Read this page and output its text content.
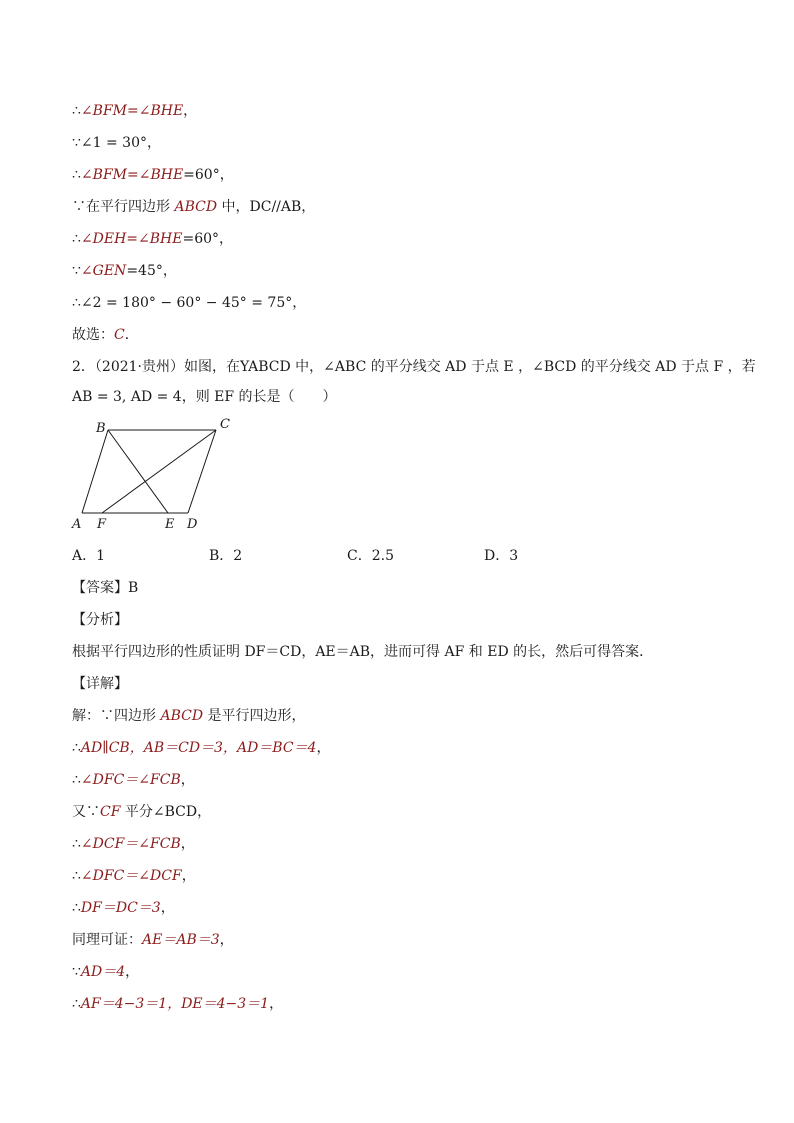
∴∠BFM=∠BHE，
∵∠1 = 30°，
∴∠BFM=∠BHE=60°，
∵在平行四边形 ABCD 中，DC//AB，
∴∠DEH=∠BHE=60°，
∵∠GEN=45°，
∴∠2 = 180° − 60° − 45° = 75°，
故选：C．
2．（2021·贵州）如图，在YABCD 中，∠ABC 的平分线交 AD 于点 E ，∠BCD 的平分线交 AD 于点 F ，若
AB = 3, AD = 4，则 EF 的长是（　　）
B	C
A F	E D
A．1	B．2	C．2.5	D．3
【答案】B
【分析】
根据平行四边形的性质证明 DF＝CD，AE＝AB，进而可得 AF 和 ED 的长，然后可得答案．
【详解】
解：∵四边形 ABCD 是平行四边形，
∴AD∥CB，AB＝CD＝3，AD＝BC＝4，
∴∠DFC＝∠FCB，
又∵CF 平分∠BCD，
∴∠DCF＝∠FCB，
∴∠DFC＝∠DCF，
∴DF＝DC＝3，
同理可证：AE＝AB＝3，
∵AD＝4，
∴AF＝4−3＝1，DE＝4−3＝1，
